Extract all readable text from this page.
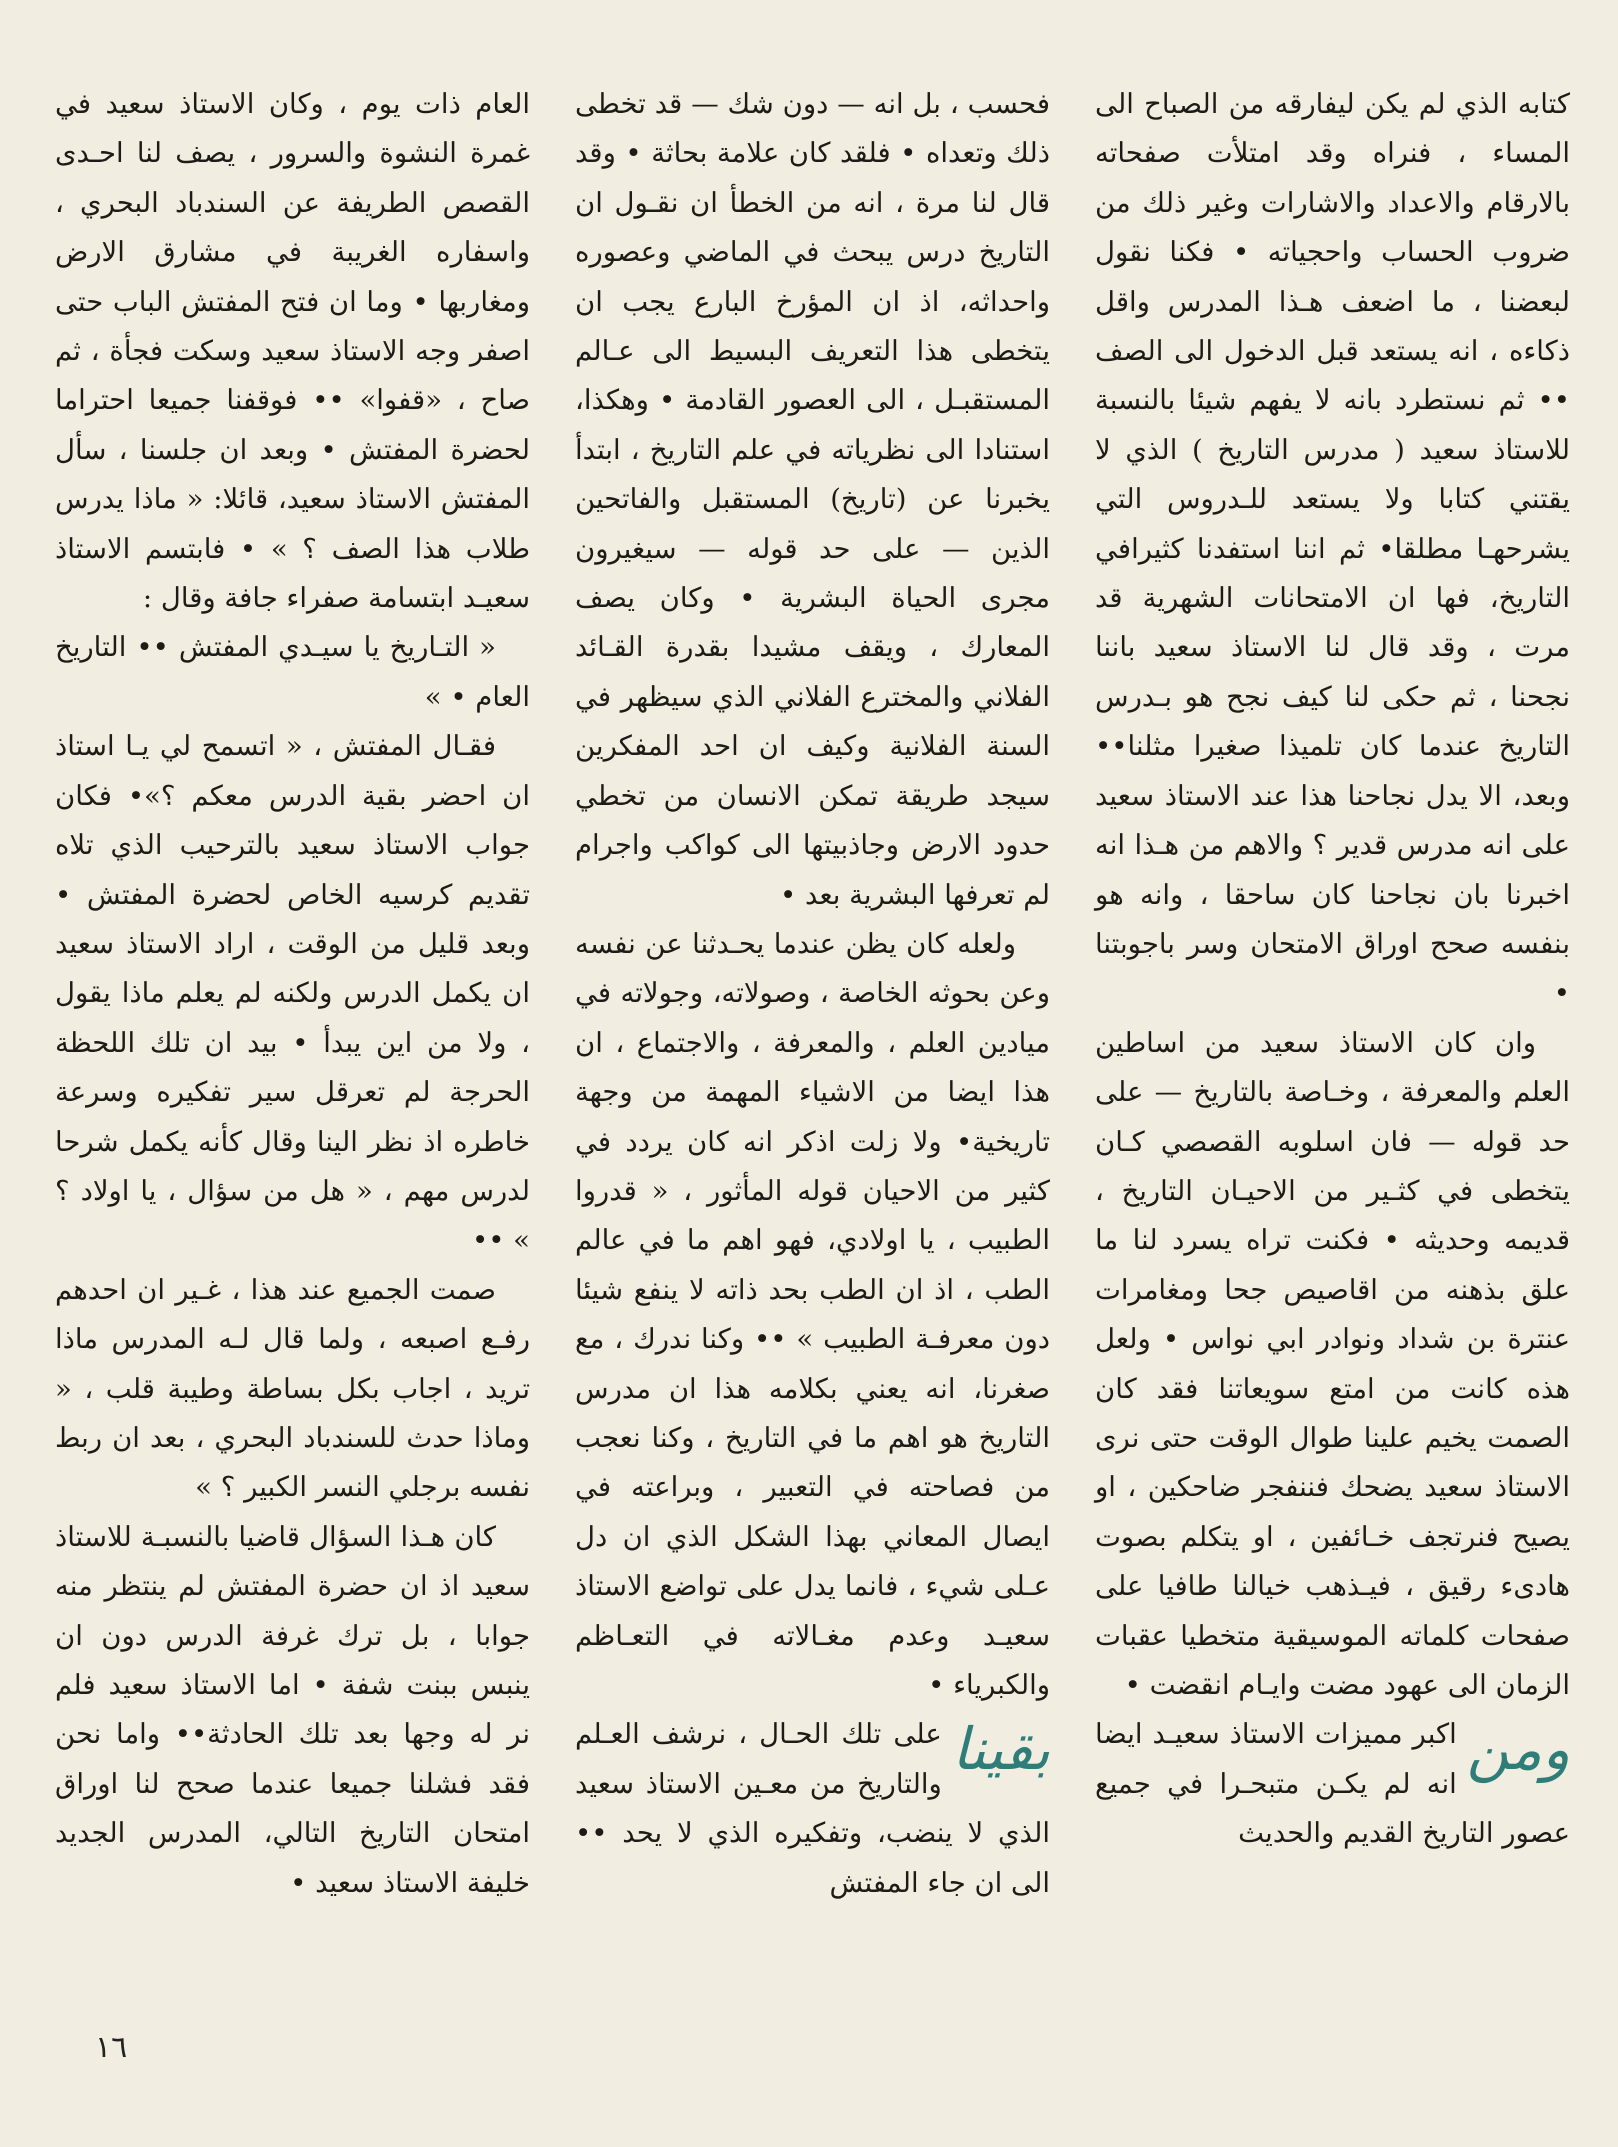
كتابه الذي لم يكن ليفارقه من الصباح الى المساء ، فنراه وقد امتلأت صفحاته بالارقام والاعداد والاشارات وغير ذلك من ضروب الحساب واحجياته • فكنا نقول لبعضنا ، ما اضعف هـذا المدرس واقل ذكاءه ، انه يستعد قبل الدخول الى الصف •• ثم نستطرد بانه لا يفهم شيئا بالنسبة للاستاذ سعيد ( مدرس التاريخ ) الذي لا يقتني كتابا ولا يستعد للـدروس التي يشرحهـا مطلقا• ثم اننا استفدنا كثيرافي التاريخ، فها ان الامتحانات الشهرية قد مرت ، وقد قال لنا الاستاذ سعيد باننا نجحنا ، ثم حكى لنا كيف نجح هو بـدرس التاريخ عندما كان تلميذا صغيرا مثلنا•• وبعد، الا يدل نجاحنا هذا عند الاستاذ سعيد على انه مدرس قدير ؟ والاهم من هـذا انه اخبرنا بان نجاحنا كان ساحقا ، وانه هو بنفسه صحح اوراق الامتحان وسر باجوبتنا •

وان كان الاستاذ سعيد من اساطين العلم والمعرفة ، وخـاصة بالتاريخ — على حد قوله — فان اسلوبه القصصي كـان يتخطى في كثـير من الاحيـان التاريخ ، قديمه وحديثه • فكنت تراه يسرد لنا ما علق بذهنه من اقاصيص جحا ومغامرات عنترة بن شداد ونوادر ابي نواس • ولعل هذه كانت من امتع سويعاتنا فقد كان الصمت يخيم علينا طوال الوقت حتى نرى الاستاذ سعيد يضحك فننفجر ضاحكين ، او يصيح فنرتجف خـائفين ، او يتكلم بصوت هادىء رقيق ، فيـذهب خيالنا طافيا على صفحات كلماته الموسيقية متخطيا عقبات الزمان الى عهود مضت وايـام انقضت •

ومن
اكبر مميزات الاستاذ سعيـد ايضا انه لم يكـن متبحـرا في جميع عصور التاريخ القديم والحديث

فحسب ، بل انه — دون شك — قد تخطى ذلك وتعداه • فلقد كان علامة بحاثة • وقد قال لنا مرة ، انه من الخطأ ان نقـول ان التاريخ درس يبحث في الماضي وعصوره واحداثه، اذ ان المؤرخ البارع يجب ان يتخطى هذا التعريف البسيط الى عـالم المستقبـل ، الى العصور القادمة • وهكذا، استنادا الى نظرياته في علم التاريخ ، ابتدأ يخبرنا عن (تاريخ) المستقبل والفاتحين الذين — على حد قوله — سيغيرون مجرى الحياة البشرية • وكان يصف المعارك ، ويقف مشيدا بقدرة القـائد الفلاني والمخترع الفلاني الذي سيظهر في السنة الفلانية وكيف ان احد المفكرين سيجد طريقة تمكن الانسان من تخطي حدود الارض وجاذبيتها الى كواكب واجرام لم تعرفها البشرية بعد •

ولعله كان يظن عندما يحـدثنا عن نفسه وعن بحوثه الخاصة ، وصولاته، وجولاته في ميادين العلم ، والمعرفة ، والاجتماع ، ان هذا ايضا من الاشياء المهمة من وجهة تاريخية• ولا زلت اذكر انه كان يردد في كثير من الاحيان قوله المأثور ، « قدروا الطبيب ، يا اولادي، فهو اهم ما في عالم الطب ، اذ ان الطب بحد ذاته لا ينفع شيئا دون معرفـة الطبيب » •• وكنا ندرك ، مع صغرنا، انه يعني بكلامه هذا ان مدرس التاريخ هو اهم ما في التاريخ ، وكنا نعجب من فصاحته في التعبير ، وبراعته في ايصال المعاني بهذا الشكل الذي ان دل عـلى شيء ، فانما يدل على تواضع الاستاذ سعيـد وعدم مغـالاته في التعـاظم والكبرياء •

بقينا
على تلك الحـال ، نرشف العـلم والتاريخ من معـين الاستاذ سعيد الذي لا ينضب، وتفكيره الذي لا يحد •• الى ان جاء المفتش

العام ذات يوم ، وكان الاستاذ سعيد في غمرة النشوة والسرور ، يصف لنا احـدى القصص الطريفة عن السندباد البحري ، واسفاره الغريبة في مشارق الارض ومغاربها • وما ان فتح المفتش الباب حتى اصفر وجه الاستاذ سعيد وسكت فجأة ، ثم صاح ، «قفوا» •• فوقفنا جميعا احتراما لحضرة المفتش • وبعد ان جلسنا ، سأل المفتش الاستاذ سعيد، قائلا: « ماذا يدرس طلاب هذا الصف ؟ » • فابتسم الاستاذ سعيـد ابتسامة صفراء جافة وقال :

« التـاريخ يا سيـدي المفتش •• التاريخ العام • »

فقـال المفتش ، « اتسمح لي يـا استاذ ان احضر بقية الدرس معكم ؟»• فكان جواب الاستاذ سعيد بالترحيب الذي تلاه تقديم كرسيه الخاص لحضرة المفتش • وبعد قليل من الوقت ، اراد الاستاذ سعيد ان يكمل الدرس ولكنه لم يعلم ماذا يقول ، ولا من اين يبدأ • بيد ان تلك اللحظة الحرجة لم تعرقل سير تفكيره وسرعة خاطره اذ نظر الينا وقال كأنه يكمل شرحا لدرس مهم ، « هل من سؤال ، يا اولاد ؟ » ••

صمت الجميع عند هذا ، غـير ان احدهم رفـع اصبعه ، ولما قال لـه المدرس ماذا تريد ، اجاب بكل بساطة وطيبة قلب ، « وماذا حدث للسندباد البحري ، بعد ان ربط نفسه برجلي النسر الكبير ؟ »

كان هـذا السؤال قاضيا بالنسبـة للاستاذ سعيد اذ ان حضرة المفتش لم ينتظر منه جوابا ، بل ترك غرفة الدرس دون ان ينبس ببنت شفة • اما الاستاذ سعيد فلم نر له وجها بعد تلك الحادثة•• واما نحن فقد فشلنا جميعا عندما صحح لنا اوراق امتحان التاريخ التالي، المدرس الجديد خليفة الاستاذ سعيد •

١٦
